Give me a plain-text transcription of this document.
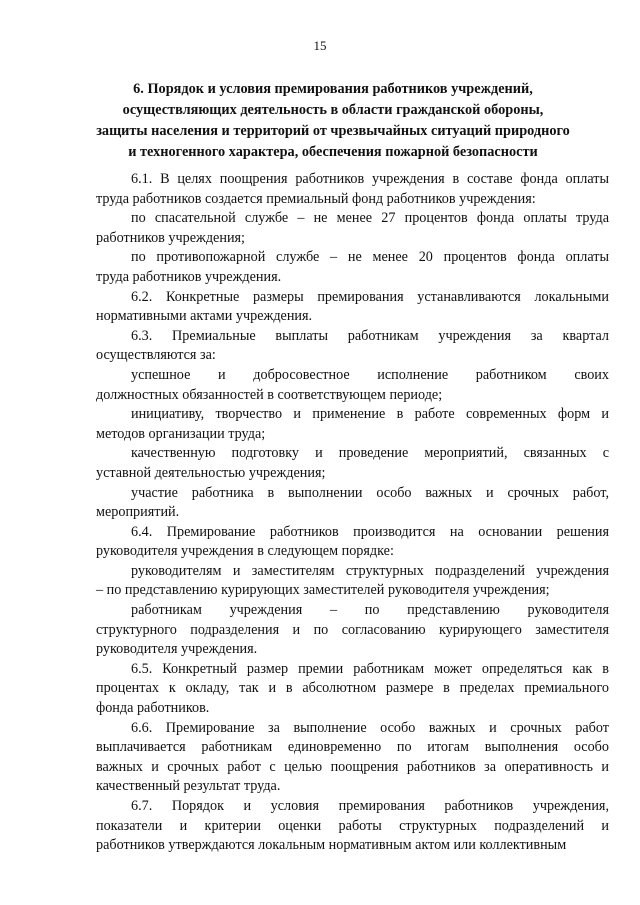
15
6. Порядок и условия премирования работников учреждений,
осуществляющих деятельность в области гражданской обороны,
защиты населения и территорий от чрезвычайных ситуаций природного
и техногенного характера, обеспечения пожарной безопасности
6.1. В целях поощрения работников учреждения в составе фонда оплаты
труда работников создается премиальный фонд работников учреждения:
по спасательной службе – не менее 27 процентов фонда оплаты труда
работников учреждения;
по противопожарной службе – не менее 20 процентов фонда оплаты
труда работников учреждения.
6.2. Конкретные размеры премирования устанавливаются локальными
нормативными актами учреждения.
6.3. Премиальные выплаты работникам учреждения за квартал
осуществляются за:
успешное и добросовестное исполнение работником своих
должностных обязанностей в соответствующем периоде;
инициативу, творчество и применение в работе современных форм и
методов организации труда;
качественную подготовку и проведение мероприятий, связанных с
уставной деятельностью учреждения;
участие работника в выполнении особо важных и срочных работ,
мероприятий.
6.4. Премирование работников производится на основании решения
руководителя учреждения в следующем порядке:
руководителям и заместителям структурных подразделений учреждения
– по представлению курирующих заместителей руководителя учреждения;
работникам учреждения – по представлению руководителя
структурного подразделения и по согласованию курирующего заместителя
руководителя учреждения.
6.5. Конкретный размер премии работникам может определяться как в
процентах к окладу, так и в абсолютном размере в пределах премиального
фонда работников.
6.6. Премирование за выполнение особо важных и срочных работ
выплачивается работникам единовременно по итогам выполнения особо
важных и срочных работ с целью поощрения работников за оперативность и
качественный результат труда.
6.7. Порядок и условия премирования работников учреждения,
показатели и критерии оценки работы структурных подразделений и
работников утверждаются локальным нормативным актом или коллективным
